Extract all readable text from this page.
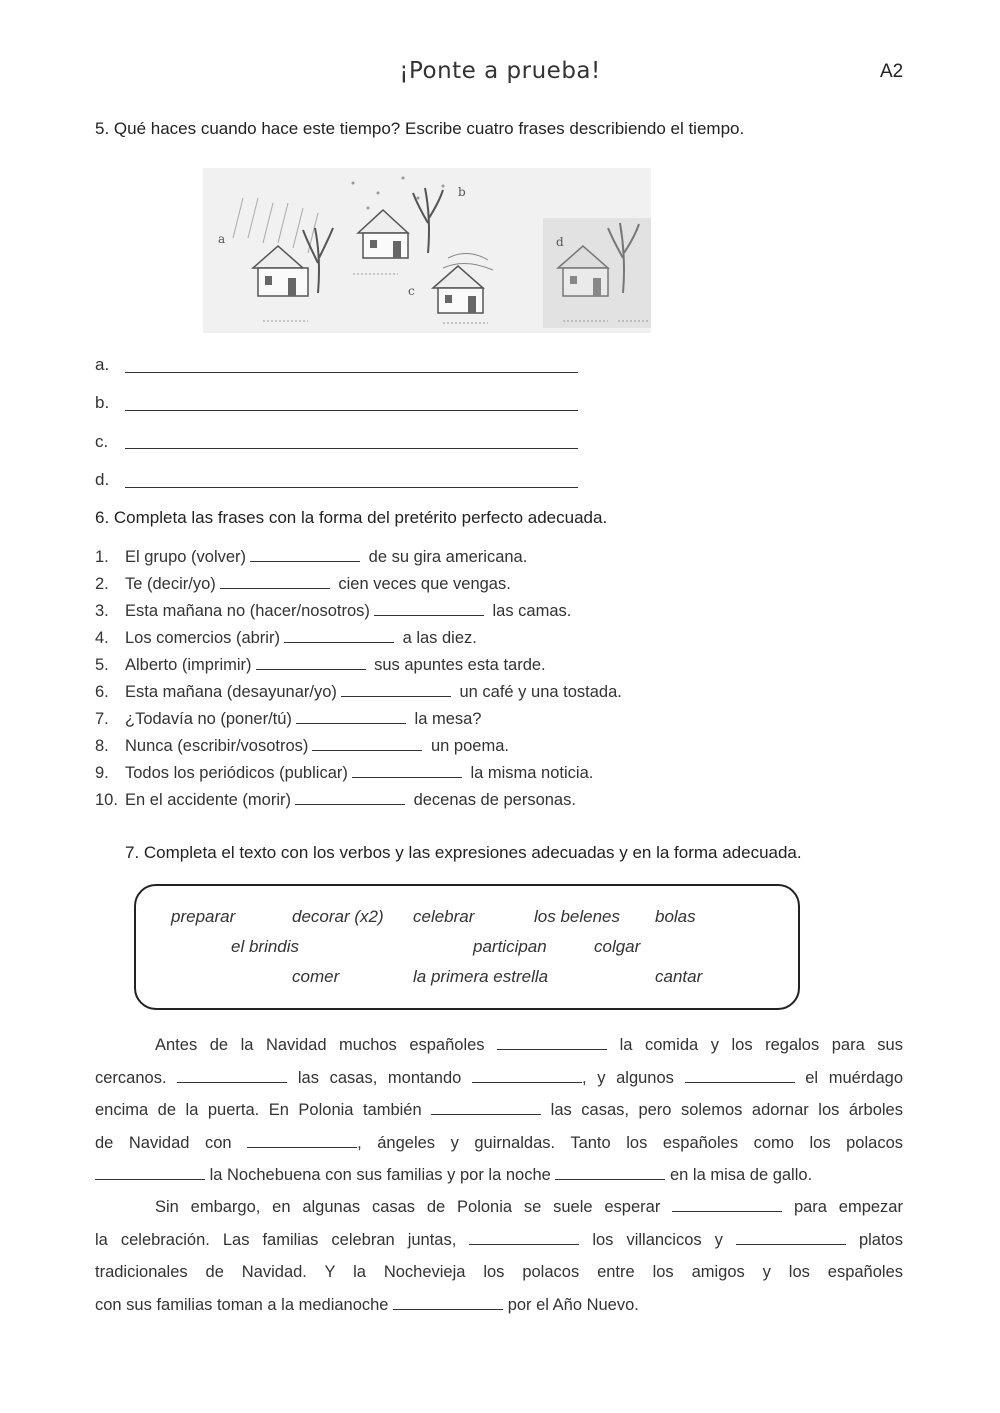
¡Ponte a prueba!	A2
5. Qué haces cuando hace este tiempo? Escribe cuatro frases describiendo el tiempo.
a
b
c
d
a.
b.
c.
d.
6. Completa las frases con la forma del pretérito perfecto adecuada.
1. El grupo (volver)	de su gira americana.
2. Te (decir/yo)	cien veces que vengas.
3. Esta mañana no (hacer/nosotros)	las camas.
4. Los comercios (abrir)	a las diez.
5. Alberto (imprimir)	sus apuntes esta tarde.
6. Esta mañana (desayunar/yo)	un café y una tostada.
7. ¿Todavía no (poner/tú)	la mesa?
8. Nunca (escribir/vosotros)	un poema.
9. Todos los periódicos (publicar)	la misma noticia.
10. En el accidente (morir)	decenas de personas.
7. Completa el texto con los verbos y las expresiones adecuadas y en la forma adecuada.
preparar	decorar (x2) celebrar	los belenes bolas
el brindis	participan	colgar
comer	la primera estrella	cantar
Antes de la Navidad muchos españoles	la comida y los regalos para sus
cercanos.	las casas, montando	, y algunos	el muérdago
encima de la puerta. En Polonia también	las casas, pero solemos adornar los árboles
de Navidad con	, ángeles y guirnaldas. Tanto los españoles como los polacos
la Nochebuena con sus familias y por la noche	en la misa de gallo.
Sin embargo, en algunas casas de Polonia se suele esperar	para empezar
la celebración. Las familias celebran juntas,	los villancicos y	platos
tradicionales de Navidad. Y la Nochevieja los polacos entre los amigos y los españoles
con sus familias toman a la medianoche	por el Año Nuevo.
